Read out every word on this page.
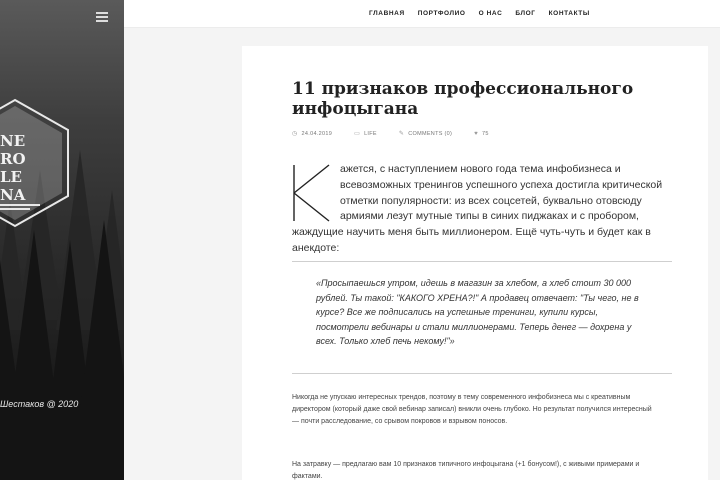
NE
RO
LE
NA
Шестаков @ 2020
ГЛАВНАЯ ПОРТФОЛИО О НАС БЛОГ КОНТАКТЫ
11 признаков профессионального инфоцыгана
◷ 24.04.2019	▭ LIFE	✎ COMMENTS (0)	♥ 75
К
ажется, с наступлением нового года тема инфобизнеса и всевозможных тренингов успешного успеха достигла критической отметки популярности: из всех соцсетей, буквально отовсюду армиями лезут мутные типы в синих пиджаках и с пробором, жаждущие научить меня быть миллионером. Ещё чуть-чуть и будет как в анекдоте:

«Просыпаешься утром, идешь в магазин за хлебом, а хлеб стоит 30 000 рублей. Ты такой: "КАКОГО ХРЕНА?!" А продавец отвечает: "Ты чего, не в курсе? Все же подписались на успешные тренинги, купили курсы, посмотрели вебинары и стали миллионерами. Теперь денег — дохрена у всех. Только хлеб печь некому!"»

Никогда не упускаю интересных трендов, поэтому в тему современного инфобизнеса мы с креативным директором (который даже свой вебинар записал) вникли очень глубоко. Но результат получился интересный — почти расследование, со срывом покровов и взрывом поносов.

На затравку — предлагаю вам 10 признаков типичного инфоцыгана (+1 бонусом!), с живыми примерами и фактами.
